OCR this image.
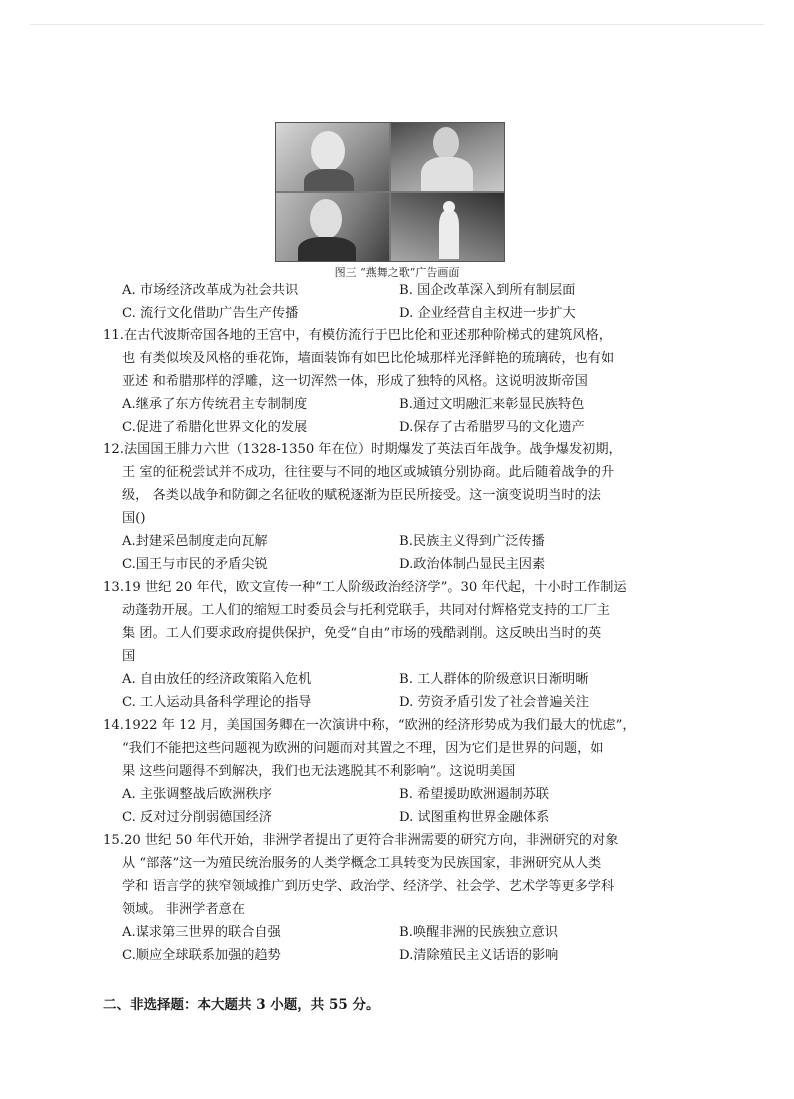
图三 “燕舞之歌”广告画面
A. 市场经济改革成为社会共识	B. 国企改革深入到所有制层面
C. 流行文化借助广告生产传播	D. 企业经营自主权进一步扩大
11.在古代波斯帝国各地的王宫中，有模仿流行于巴比伦和亚述那种阶梯式的建筑风格，
也 有类似埃及风格的垂花饰，墙面装饰有如巴比伦城那样光泽鲜艳的琉璃砖，也有如
亚述 和希腊那样的浮雕，这一切浑然一体，形成了独特的风格。这说明波斯帝国
A.继承了东方传统君主专制制度	B.通过文明融汇来彰显民族特色
C.促进了希腊化世界文化的发展	D.保存了古希腊罗马的文化遗产
12.法国国王腓力六世（1328-1350 年在位）时期爆发了英法百年战争。战争爆发初期，
王 室的征税尝试并不成功，往往要与不同的地区或城镇分别协商。此后随着战争的升
级， 各类以战争和防御之名征收的赋税逐渐为臣民所接受。这一演变说明当时的法
国()
A.封建采邑制度走向瓦解	B.民族主义得到广泛传播
C.国王与市民的矛盾尖锐	D.政治体制凸显民主因素
13.19 世纪 20 年代，欧文宣传一种“工人阶级政治经济学”。30 年代起，十小时工作制运
动蓬勃开展。工人们的缩短工时委员会与托利党联手，共同对付辉格党支持的工厂主
集 团。工人们要求政府提供保护，免受“自由”市场的残酷剥削。这反映出当时的英
国
A. 自由放任的经济政策陷入危机	B. 工人群体的阶级意识日渐明晰
C. 工人运动具备科学理论的指导	D. 劳资矛盾引发了社会普遍关注
14.1922 年 12 月，美国国务卿在一次演讲中称，“欧洲的经济形势成为我们最大的忧虑”，
“我们不能把这些问题视为欧洲的问题而对其置之不理，因为它们是世界的问题，如
果 这些问题得不到解决，我们也无法逃脱其不利影响”。这说明美国
A. 主张调整战后欧洲秩序	B. 希望援助欧洲遏制苏联
C. 反对过分削弱德国经济	D. 试图重构世界金融体系
15.20 世纪 50 年代开始，非洲学者提出了更符合非洲需要的研究方向，非洲研究的对象
从 “部落”这一为殖民统治服务的人类学概念工具转变为民族国家，非洲研究从人类
学和 语言学的狭窄领域推广到历史学、政治学、经济学、社会学、艺术学等更多学科
领域。 非洲学者意在
A.谋求第三世界的联合自强	B.唤醒非洲的民族独立意识
C.顺应全球联系加强的趋势	D.清除殖民主义话语的影响
二、非选择题：本大题共 3 小题，共 55 分。
